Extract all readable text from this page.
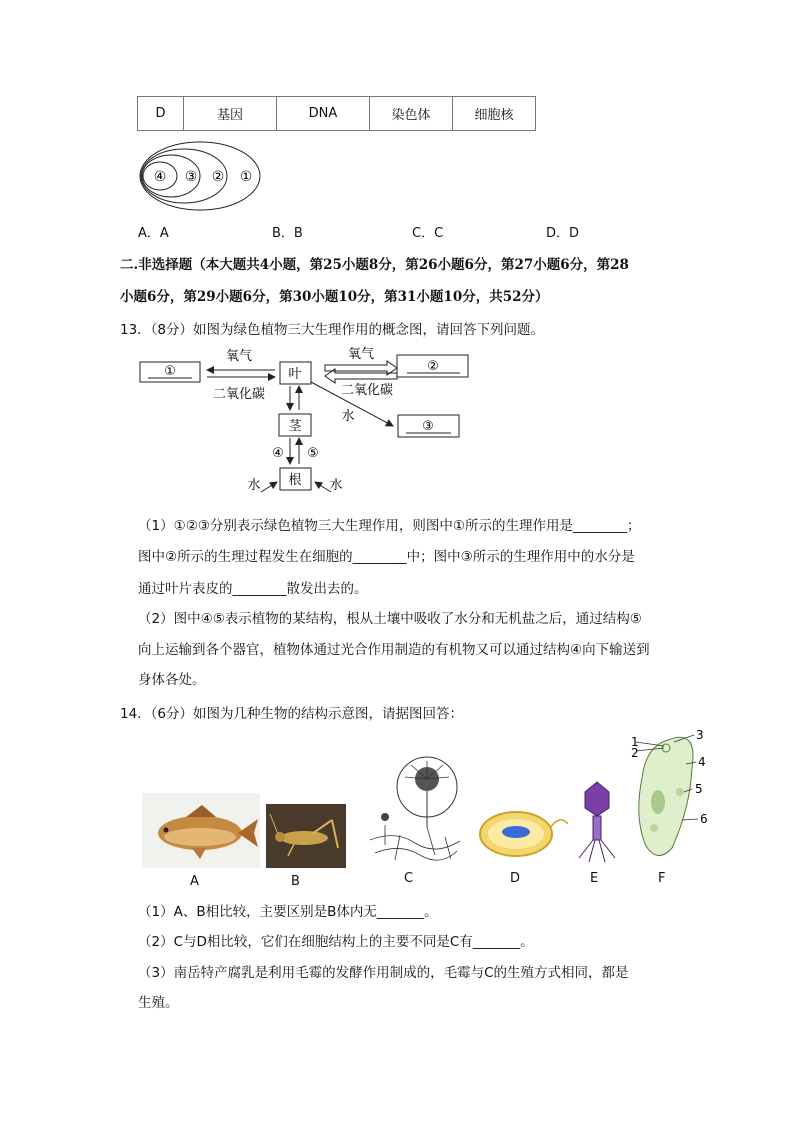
D	基因	DNA	染色体	细胞核
④ ③ ② ①
A．A	B．B	C．C	D．D
二.非选择题（本大题共4小题，第25小题8分，第26小题6分，第27小题6分，第28
小题6分，第29小题6分，第30小题10分，第31小题10分，共52分）
13．（8分）如图为绿色植物三大生理作用的概念图，请回答下列问题。
①	叶
氧气
二氧化碳
②
氧气
二氧化碳
水
③
茎
④ ⑤
根
水	水
（1）①②③分别表示绿色植物三大生理作用，则图中①所示的生理作用是________；
图中②所示的生理过程发生在细胞的________中；图中③所示的生理作用中的水分是
通过叶片表皮的________散发出去的。
（2）图中④⑤表示植物的某结构，根从土壤中吸收了水分和无机盐之后，通过结构⑤
向上运输到各个器官，植物体通过光合作用制造的有机物又可以通过结构④向下输送到
身体各处。
14．（6分）如图为几种生物的结构示意图，请据图回答：
1
2
3
4
5
6
A	B	C	D	E	F
（1）A、B相比较，主要区别是B体内无_______。
（2）C与D相比较，它们在细胞结构上的主要不同是C有_______。
（3）南岳特产腐乳是利用毛霉的发酵作用制成的，毛霉与C的生殖方式相同，都是
生殖。
